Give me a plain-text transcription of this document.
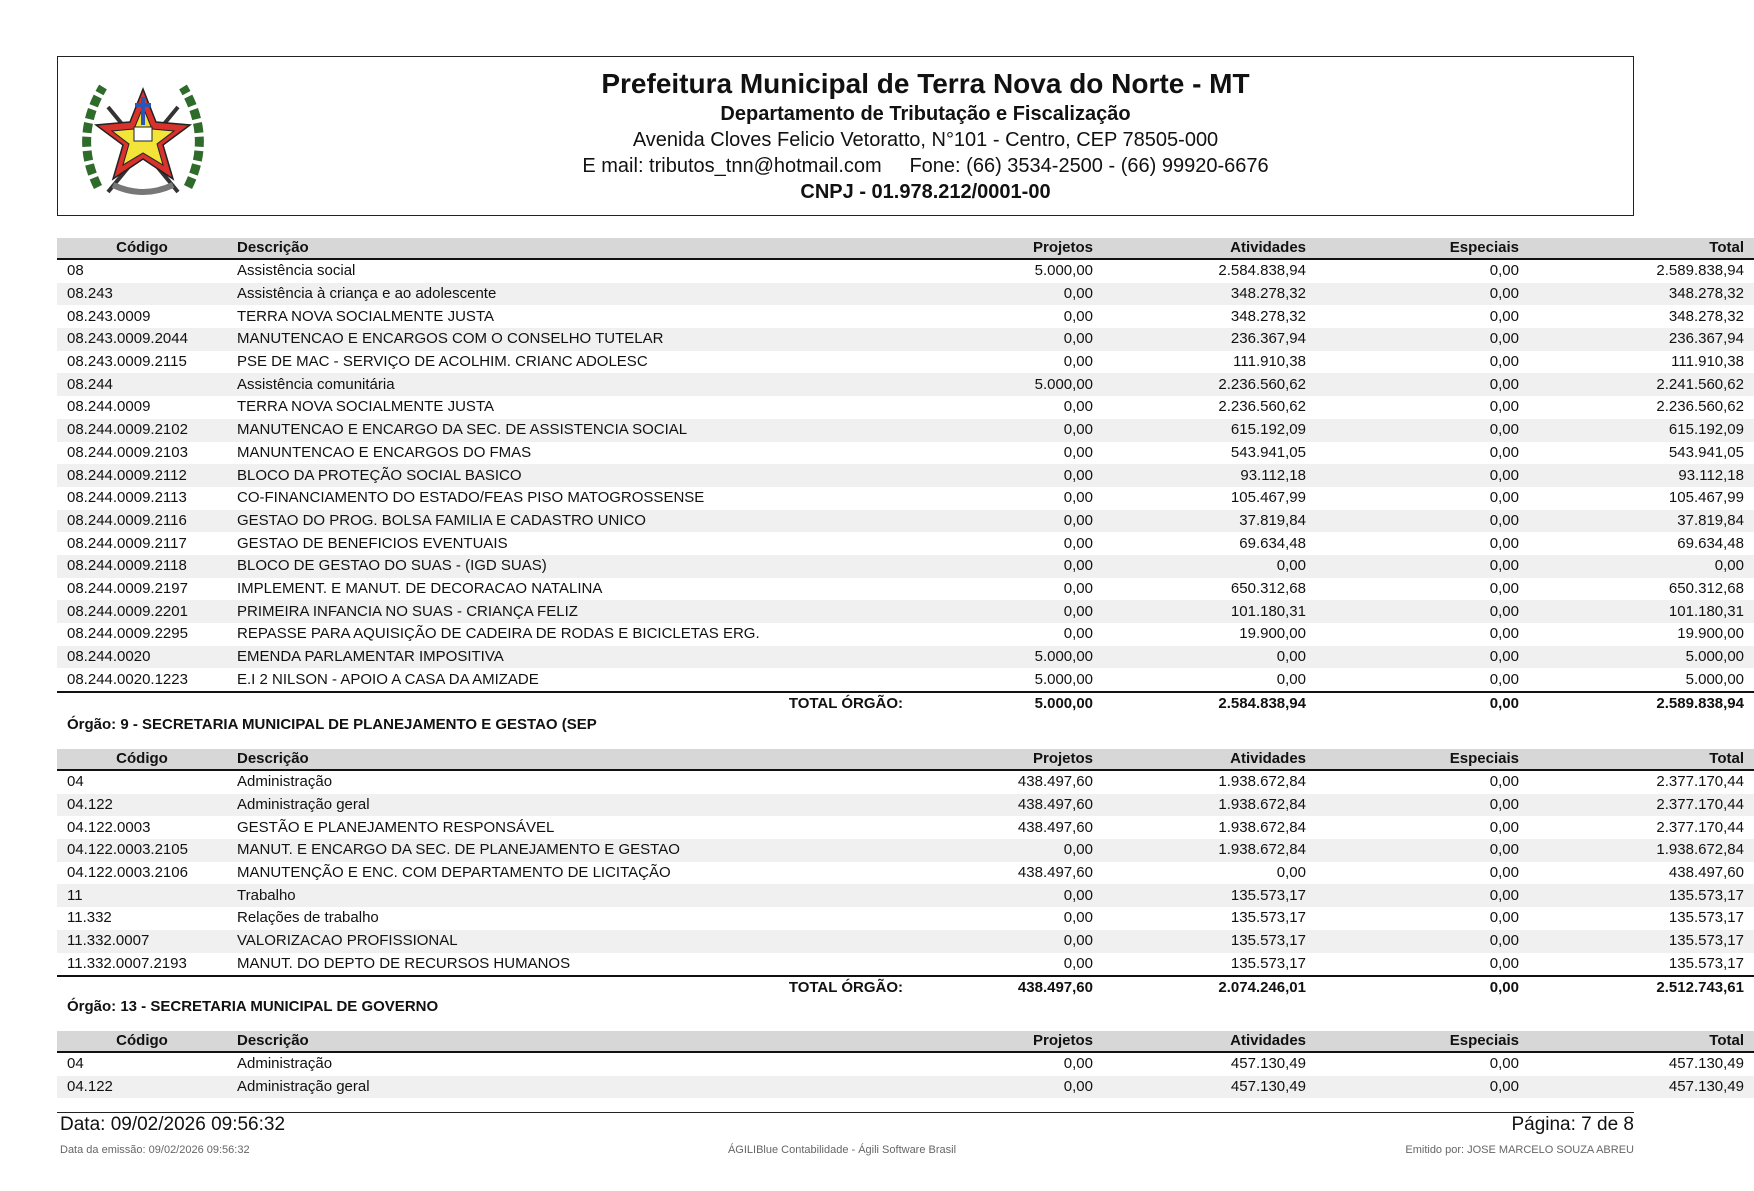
Prefeitura Municipal de Terra Nova do Norte - MT
Departamento de Tributação e Fiscalização
Avenida Cloves Felicio Vetoratto, N°101 - Centro, CEP 78505-000
E mail: tributos_tnn@hotmail.com     Fone: (66) 3534-2500 - (66) 99920-6676
CNPJ - 01.978.212/0001-00
Código	Descrição	Projetos	Atividades	Especiais	Total
08	Assistência social	5.000,00	2.584.838,94	0,00	2.589.838,94
08.243	Assistência à criança e ao adolescente	0,00	348.278,32	0,00	348.278,32
08.243.0009	TERRA NOVA SOCIALMENTE JUSTA	0,00	348.278,32	0,00	348.278,32
08.243.0009.2044	MANUTENCAO E ENCARGOS COM O CONSELHO TUTELAR	0,00	236.367,94	0,00	236.367,94
08.243.0009.2115	PSE DE MAC - SERVIÇO DE ACOLHIM. CRIANC ADOLESC	0,00	111.910,38	0,00	111.910,38
08.244	Assistência comunitária	5.000,00	2.236.560,62	0,00	2.241.560,62
08.244.0009	TERRA NOVA SOCIALMENTE JUSTA	0,00	2.236.560,62	0,00	2.236.560,62
08.244.0009.2102	MANUTENCAO E ENCARGO DA SEC. DE ASSISTENCIA SOCIAL	0,00	615.192,09	0,00	615.192,09
08.244.0009.2103	MANUNTENCAO E ENCARGOS DO FMAS	0,00	543.941,05	0,00	543.941,05
08.244.0009.2112	BLOCO DA PROTEÇÃO SOCIAL BASICO	0,00	93.112,18	0,00	93.112,18
08.244.0009.2113	CO-FINANCIAMENTO DO ESTADO/FEAS PISO MATOGROSSENSE	0,00	105.467,99	0,00	105.467,99
08.244.0009.2116	GESTAO DO PROG. BOLSA FAMILIA E CADASTRO UNICO	0,00	37.819,84	0,00	37.819,84
08.244.0009.2117	GESTAO DE BENEFICIOS EVENTUAIS	0,00	69.634,48	0,00	69.634,48
08.244.0009.2118	BLOCO DE GESTAO DO SUAS - (IGD SUAS)	0,00	0,00	0,00	0,00
08.244.0009.2197	IMPLEMENT. E MANUT. DE DECORACAO NATALINA	0,00	650.312,68	0,00	650.312,68
08.244.0009.2201	PRIMEIRA INFANCIA NO SUAS - CRIANÇA FELIZ	0,00	101.180,31	0,00	101.180,31
08.244.0009.2295	REPASSE PARA AQUISIÇÃO DE CADEIRA DE RODAS E BICICLETAS ERG.	0,00	19.900,00	0,00	19.900,00
08.244.0020	EMENDA PARLAMENTAR IMPOSITIVA	5.000,00	0,00	0,00	5.000,00
08.244.0020.1223	E.I 2 NILSON - APOIO A CASA DA AMIZADE	5.000,00	0,00	0,00	5.000,00
	TOTAL ÓRGÃO:	5.000,00	2.584.838,94	0,00	2.589.838,94
Órgão: 9 - SECRETARIA MUNICIPAL DE PLANEJAMENTO E GESTAO (SEP
Código	Descrição	Projetos	Atividades	Especiais	Total
04	Administração	438.497,60	1.938.672,84	0,00	2.377.170,44
04.122	Administração geral	438.497,60	1.938.672,84	0,00	2.377.170,44
04.122.0003	GESTÃO E PLANEJAMENTO RESPONSÁVEL	438.497,60	1.938.672,84	0,00	2.377.170,44
04.122.0003.2105	MANUT. E ENCARGO DA SEC. DE PLANEJAMENTO E GESTAO	0,00	1.938.672,84	0,00	1.938.672,84
04.122.0003.2106	MANUTENÇÃO E ENC. COM DEPARTAMENTO DE LICITAÇÃO	438.497,60	0,00	0,00	438.497,60
11	Trabalho	0,00	135.573,17	0,00	135.573,17
11.332	Relações de trabalho	0,00	135.573,17	0,00	135.573,17
11.332.0007	VALORIZACAO PROFISSIONAL	0,00	135.573,17	0,00	135.573,17
11.332.0007.2193	MANUT. DO DEPTO DE RECURSOS HUMANOS	0,00	135.573,17	0,00	135.573,17
	TOTAL ÓRGÃO:	438.497,60	2.074.246,01	0,00	2.512.743,61
Órgão: 13 - SECRETARIA MUNICIPAL DE GOVERNO
Código	Descrição	Projetos	Atividades	Especiais	Total
04	Administração	0,00	457.130,49	0,00	457.130,49
04.122	Administração geral	0,00	457.130,49	0,00	457.130,49
Data: 09/02/2026 09:56:32	Página: 7 de 8
Data da emissão: 09/02/2026 09:56:32	ÁGILIBlue Contabilidade - Ágili Software Brasil	Emitido por: JOSE MARCELO SOUZA ABREU
